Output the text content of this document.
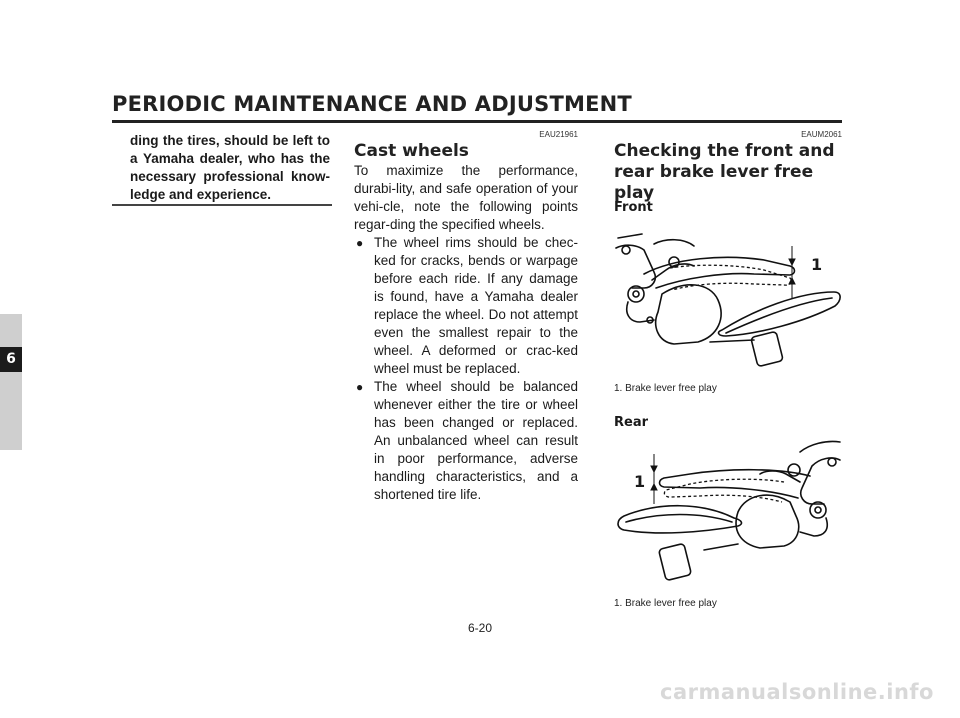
PERIODIC MAINTENANCE AND ADJUSTMENT
6

ding the tires, should be left to a Yamaha dealer, who has the necessary professional know-ledge and experience.

EAU21961

Cast wheels

To maximize the performance, durabi-lity, and safe operation of your vehi-cle, note the following points regar-ding the specified wheels.

● The wheel rims should be chec-ked for cracks, bends or warpage before each ride. If any damage is found, have a Yamaha dealer replace the wheel. Do not attempt even the smallest repair to the wheel. A deformed or crac-ked wheel must be replaced.
● The wheel should be balanced whenever either the tire or wheel has been changed or replaced. An unbalanced wheel can result in poor performance, adverse handling characteristics, and a shortened tire life.

EAUM2061

Checking the front and rear brake lever free play

Front

1
1. Brake lever free play

Rear

1
1. Brake lever free play
6-20
carmanualsonline.info
